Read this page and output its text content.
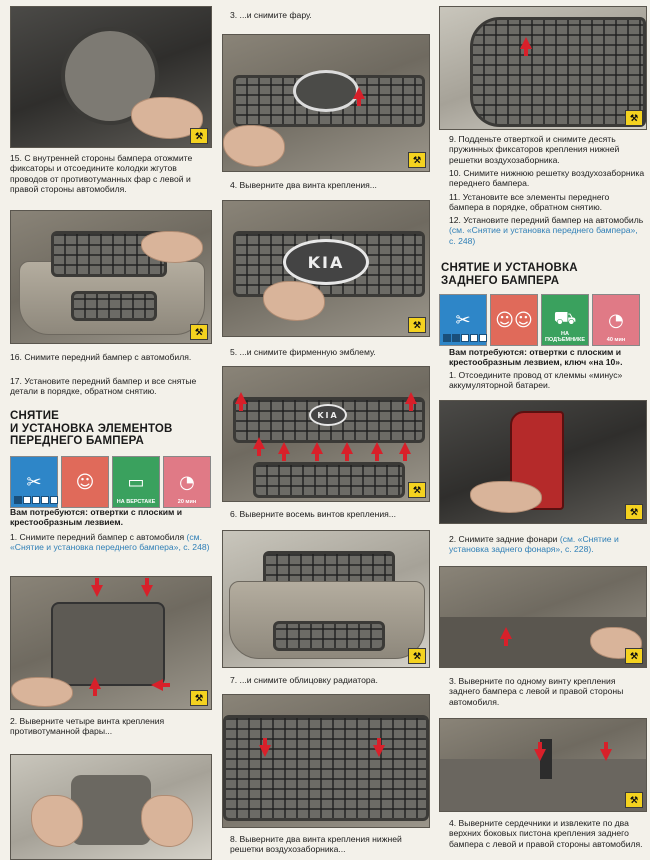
⚒
15. С внутренней стороны бампера отожмите фиксаторы и отсоедините колодки жгутов проводов от противотуманных фар с левой и правой стороны автомобиля.
⚒
16. Снимите передний бампер с автомобиля.
17. Установите передний бампер и все снятые детали в порядке, обратном снятию.
СНЯТИЕ
И УСТАНОВКА ЭЛЕМЕНТОВ
ПЕРЕДНЕГО БАМПЕРА
✂ ☺ ▭
НА ВЕРСТАКЕ
◔
20 мин
Вам потребуются: отвертки с плоским и крестообразным лезвием.
1. Снимите передний бампер с автомобиля (см. «Снятие и установка переднего бампера», с. 248)
⚒
2. Выверните четыре винта крепления противотуманной фары...
3. ...и снимите фару.
⚒
4. Выверните два винта крепления...
KIA
⚒
5. ...и снимите фирменную эмблему.
KIA
⚒
6. Выверните восемь винтов крепления...
⚒
7. ...и снимите облицовку радиатора.
8. Выверните два винта крепления нижней решетки воздухозаборника...
⚒
9. Подденьте отверткой и снимите десять пружинных фиксаторов крепления нижней решетки воздухозаборника.
10. Снимите нижнюю решетку воздухозаборника переднего бампера.
11. Установите все элементы переднего бампера в порядке, обратном снятию.
12. Установите передний бампер на автомобиль (см. «Снятие и установка переднего бампера», с. 248)
СНЯТИЕ И УСТАНОВКА
ЗАДНЕГО БАМПЕРА
✂ ☺☺ ⛟
НА ПОДЪЕМНИКЕ
◔
40 мин
Вам потребуются: отвертки с плоским и крестообразным лезвием, ключ «на 10».
1. Отсоедините провод от клеммы «минус» аккумуляторной батареи.
⚒
2. Снимите задние фонари (см. «Снятие и установка заднего фонаря», с. 228).
⚒
3. Выверните по одному винту крепления заднего бампера с левой и правой стороны автомобиля.
⚒
4. Выверните сердечники и извлеките по два верхних боковых пистона крепления заднего бампера с левой и правой стороны автомобиля.
